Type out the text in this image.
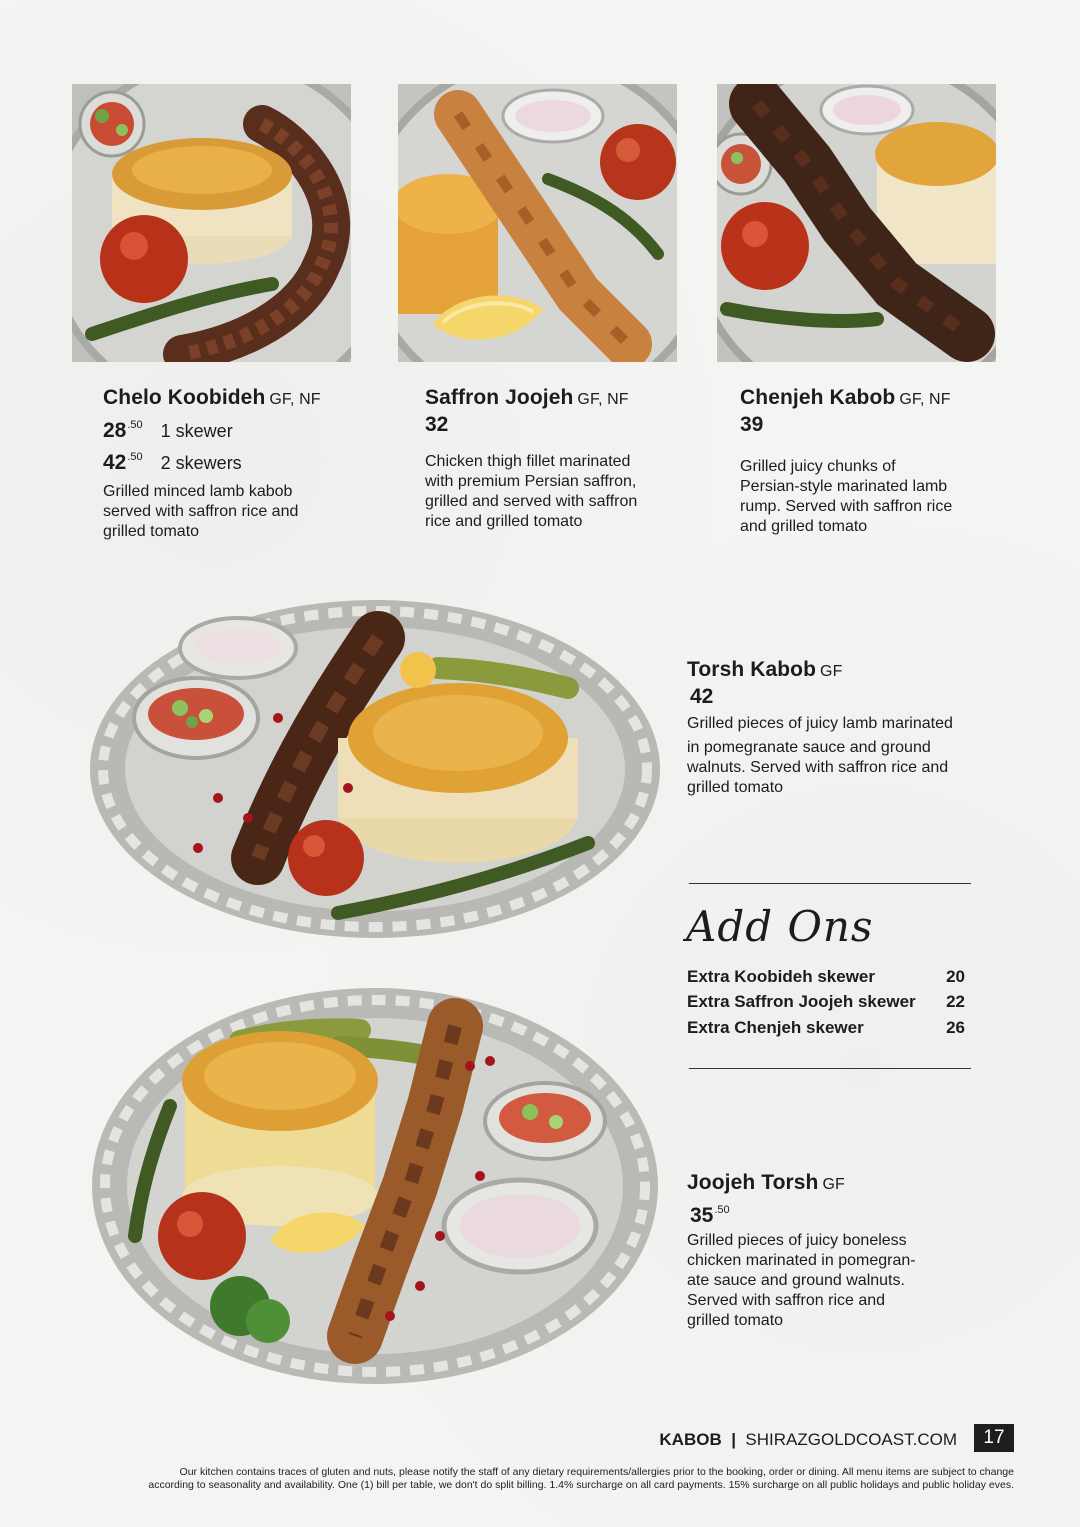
Chelo Koobideh GF, NF
$28^{.50}$ 1 skewer
$42^{.50}$ 2 skewers
Grilled minced lamb kabob
served with saffron rice and
grilled tomato
Saffron Joojeh GF, NF
32
Chicken thigh fillet marinated
with premium Persian saffron,
grilled and served with saffron
rice and grilled tomato
Chenjeh Kabob GF, NF
39
Grilled juicy chunks of
Persian-style marinated lamb
rump. Served with saffron rice
and grilled tomato
Torsh Kabob GF
42
Grilled pieces of juicy lamb marinated
in pomegranate sauce and ground
walnuts. Served with saffron rice and
grilled tomato
Add Ons
Extra Koobideh skewer	20
Extra Saffron Joojeh skewer 22
Extra Chenjeh skewer	26
Joojeh Torsh GF
$35^{.50}$
Grilled pieces of juicy boneless
chicken marinated in pomegran-
ate sauce and ground walnuts.
Served with saffron rice and
grilled tomato
KABOB | SHIRAZGOLDCOAST.COM	17
Our kitchen contains traces of gluten and nuts, please notify the staff of any dietary requirements/allergies prior to the booking, order or dining. All menu items are subject to change
according to seasonality and availability. One (1) bill per table, we don't do split billing. 1.4% surcharge on all card payments. 15% surcharge on all public holidays and public holiday eves.
